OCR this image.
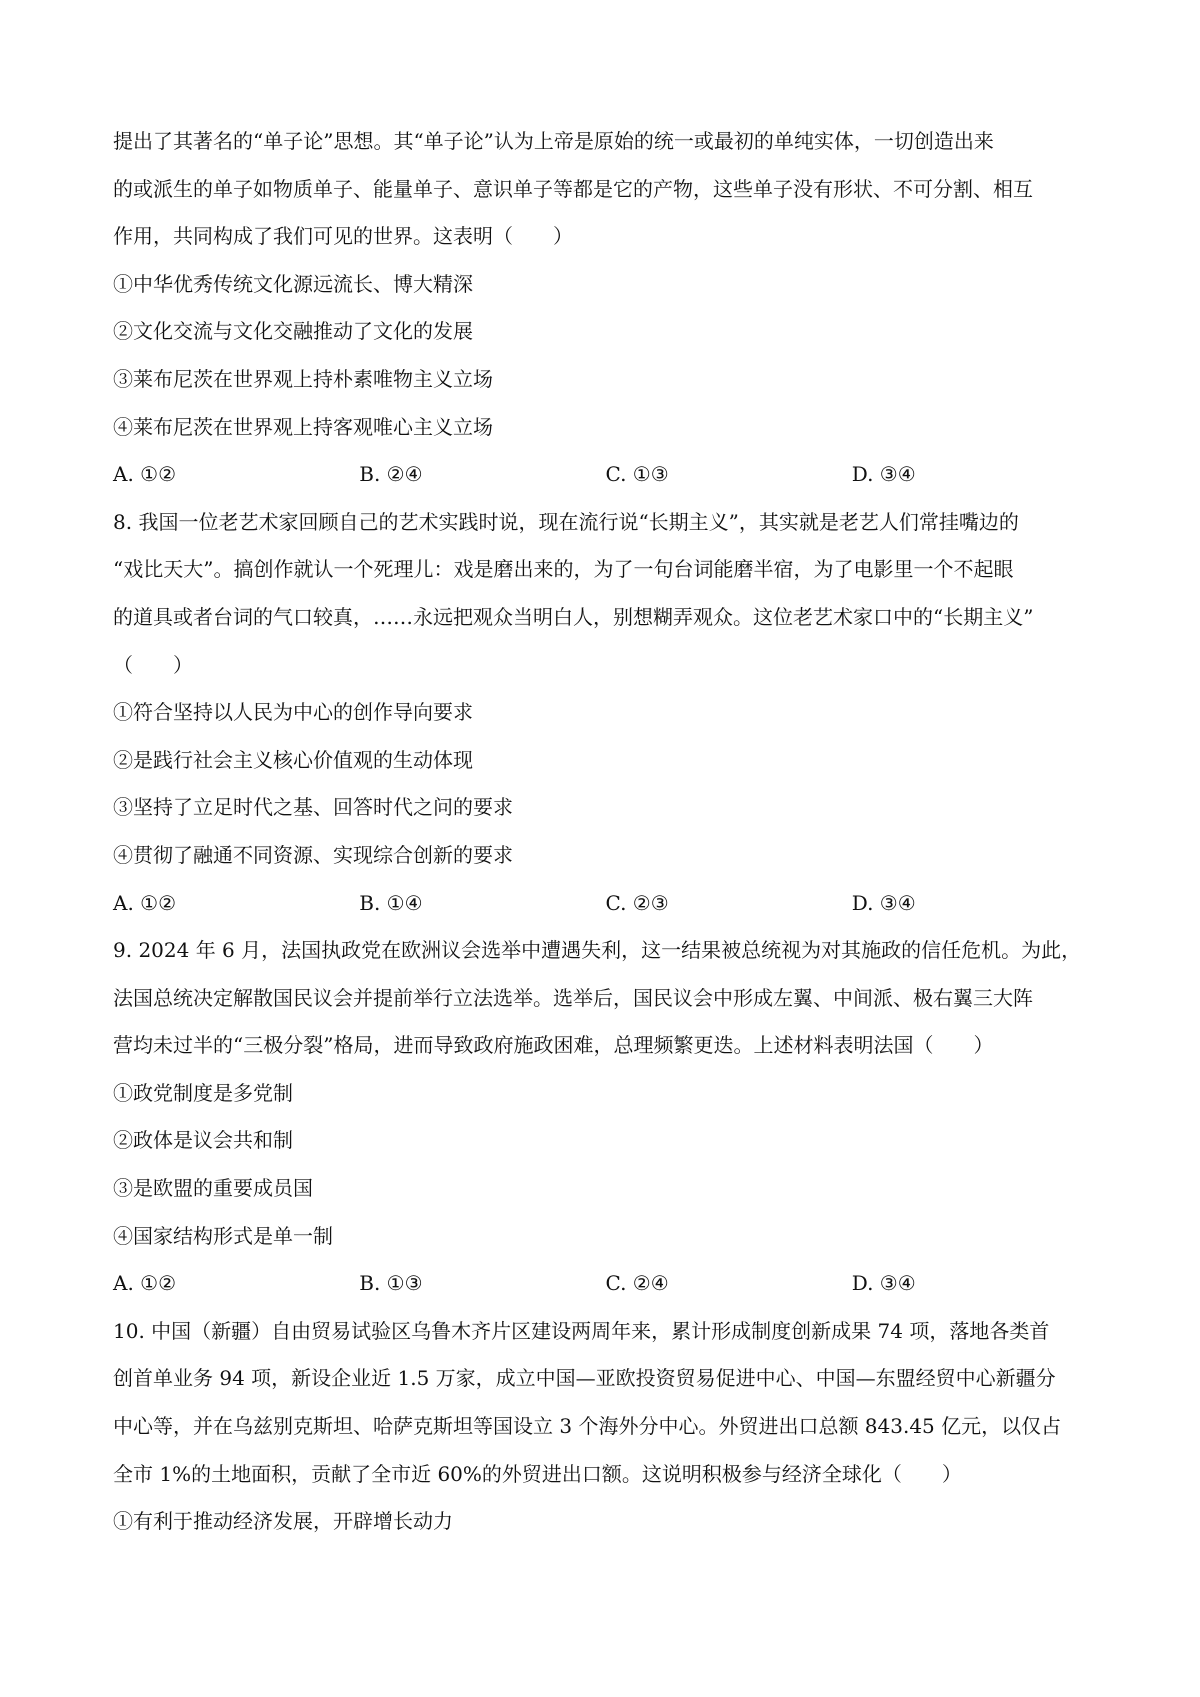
提出了其著名的“单子论”思想。其“单子论”认为上帝是原始的统一或最初的单纯实体，一切创造出来
的或派生的单子如物质单子、能量单子、意识单子等都是它的产物，这些单子没有形状、不可分割、相互
作用，共同构成了我们可见的世界。这表明（　　）
①中华优秀传统文化源远流长、博大精深
②文化交流与文化交融推动了文化的发展
③莱布尼茨在世界观上持朴素唯物主义立场
④莱布尼茨在世界观上持客观唯心主义立场
A. ①②	B. ②④	C. ①③	D. ③④
8. 我国一位老艺术家回顾自己的艺术实践时说，现在流行说“长期主义”，其实就是老艺人们常挂嘴边的
“戏比天大”。搞创作就认一个死理儿：戏是磨出来的，为了一句台词能磨半宿，为了电影里一个不起眼
的道具或者台词的气口较真，……永远把观众当明白人，别想糊弄观众。这位老艺术家口中的“长期主义”
（　　）
①符合坚持以人民为中心的创作导向要求
②是践行社会主义核心价值观的生动体现
③坚持了立足时代之基、回答时代之问的要求
④贯彻了融通不同资源、实现综合创新的要求
A. ①②	B. ①④	C. ②③	D. ③④
9. 2024 年 6 月，法国执政党在欧洲议会选举中遭遇失利，这一结果被总统视为对其施政的信任危机。为此，
法国总统决定解散国民议会并提前举行立法选举。选举后，国民议会中形成左翼、中间派、极右翼三大阵
营均未过半的“三极分裂”格局，进而导致政府施政困难，总理频繁更迭。上述材料表明法国（　　）
①政党制度是多党制
②政体是议会共和制
③是欧盟的重要成员国
④国家结构形式是单一制
A. ①②	B. ①③	C. ②④	D. ③④
10. 中国（新疆）自由贸易试验区乌鲁木齐片区建设两周年来，累计形成制度创新成果 74 项，落地各类首
创首单业务 94 项，新设企业近 1.5 万家，成立中国—亚欧投资贸易促进中心、中国—东盟经贸中心新疆分
中心等，并在乌兹别克斯坦、哈萨克斯坦等国设立 3 个海外分中心。外贸进出口总额 843.45 亿元，以仅占
全市 1%的土地面积，贡献了全市近 60%的外贸进出口额。这说明积极参与经济全球化（　　）
①有利于推动经济发展，开辟增长动力
